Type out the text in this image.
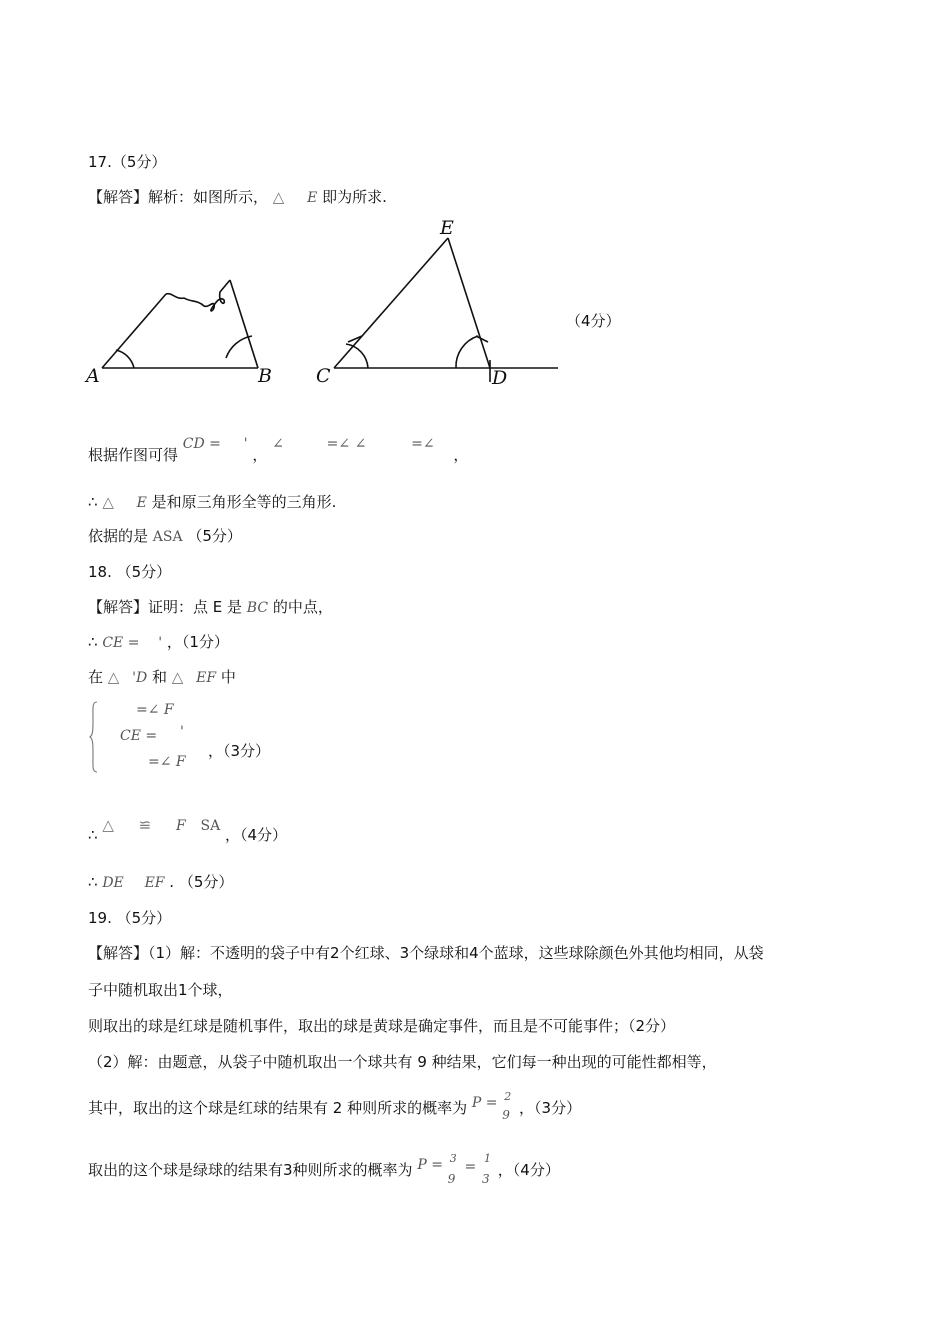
17.（5分）
【解答】解析：如图所示， △ E 即为所求.
A	B C	D
E
（4分）
根据作图可得 CD = ' ， ∠	=∠ ∠	=∠ ，
∴ △ E 是和原三角形全等的三角形.
依据的是 ASA （5分）
18. （5分）
【解答】证明：点 E 是 BC 的中点，
∴ CE = ' ，（1分）
在 △ 'D 和 △ EF 中
=∠ F
CE = '
=∠ F
，（3分）
∴ △ ≌ F SA ，（4分）
∴ DE EF . （5分）
19. （5分）
【解答】（1）解：不透明的袋子中有2个红球、3个绿球和4个蓝球，这些球除颜色外其他均相同，从袋
子中随机取出1个球，
则取出的球是红球是随机事件，取出的球是黄球是确定事件，而且是不可能事件；（2分）
（2）解：由题意，从袋子中随机取出一个球共有 9 种结果，它们每一种出现的可能性都相等，
其中，取出的这个球是红球的结果有 2 种则所求的概率为 P = 2
9 ，（3分）
取出的这个球是绿球的结果有3种则所求的概率为 P = 3
9
=
1
3 ，（4分）
